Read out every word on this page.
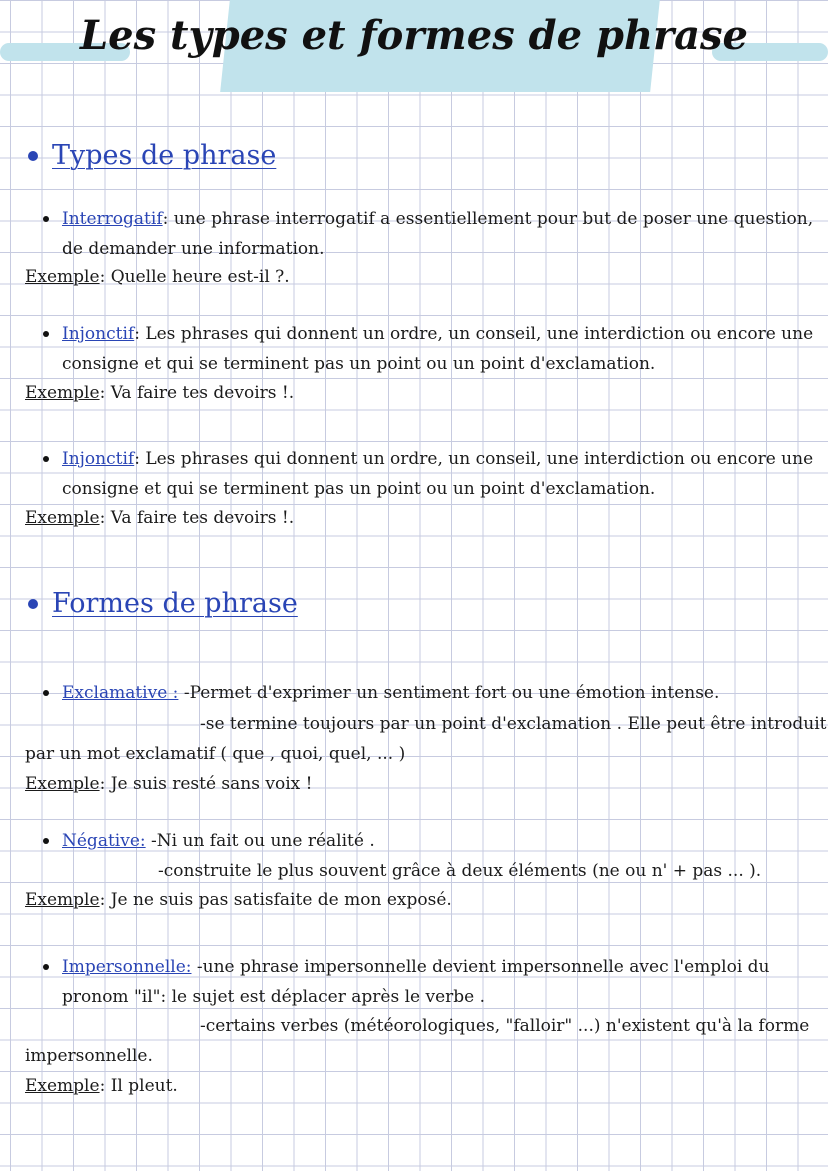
Les types et formes de phrase
Types de phrase
Interrogatif: une phrase interrogatif a essentiellement pour but de poser une question,
de demander une information.
Exemple: Quelle heure est-il ?.
Injonctif: Les phrases qui donnent un ordre, un conseil, une interdiction ou encore une
consigne et qui se terminent pas un point ou un point d'exclamation.
Exemple: Va faire tes devoirs !.
Injonctif: Les phrases qui donnent un ordre, un conseil, une interdiction ou encore une
consigne et qui se terminent pas un point ou un point d'exclamation.
Exemple: Va faire tes devoirs !.
Formes de phrase
Exclamative : -Permet d'exprimer un sentiment fort ou une émotion intense.
-se termine toujours par un point d'exclamation . Elle peut être introduit
par un mot exclamatif ( que , quoi, quel, ... )
Exemple: Je suis resté sans voix !
Négative: -Ni un fait ou une réalité .
-construite le plus souvent grâce à deux éléments (ne ou n' + pas ... ).
Exemple: Je ne suis pas satisfaite de mon exposé.
Impersonnelle: -une phrase impersonnelle devient impersonnelle avec l'emploi du
pronom "il": le sujet est déplacer après le verbe .
-certains verbes (météorologiques, "falloir" ...) n'existent qu'à la forme
impersonnelle.
Exemple: Il pleut.
